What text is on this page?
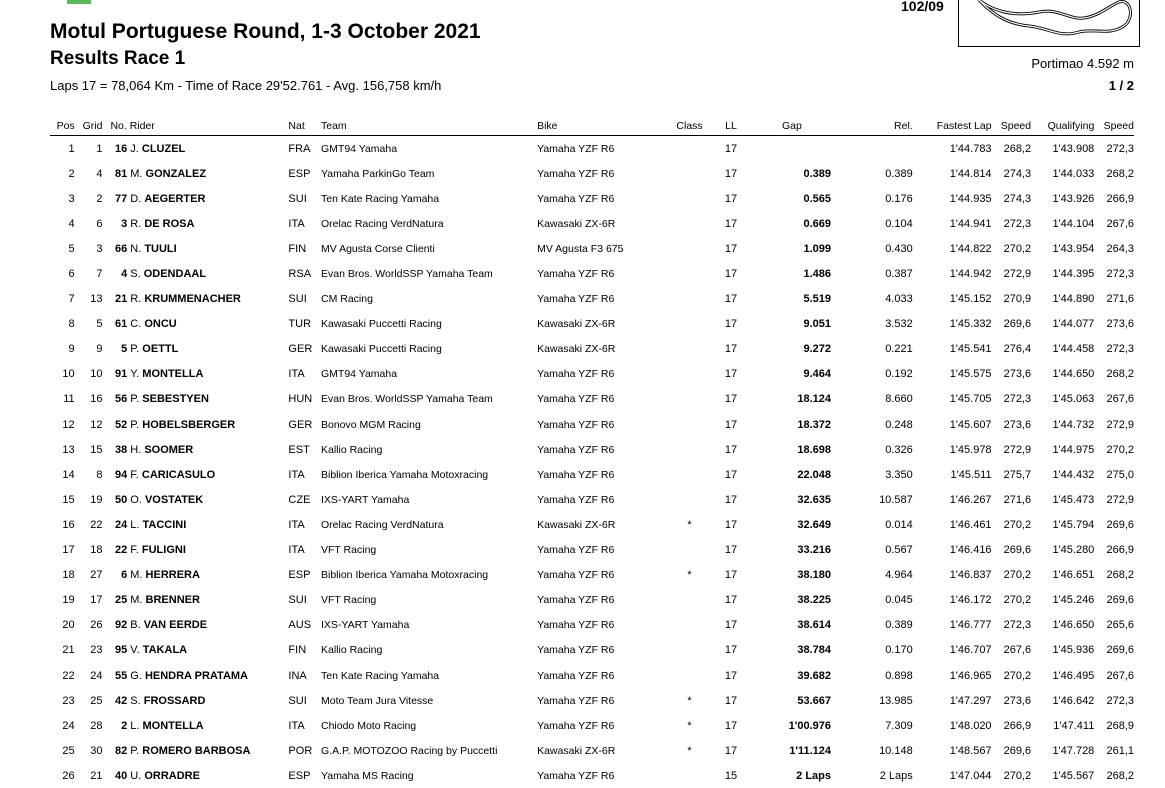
102/09
Motul Portuguese Round, 1-3 October 2021
Results Race 1	Portimao 4.592 m
Laps 17 = 78,064 Km - Time of Race 29'52.761 - Avg. 156,758 km/h	1 / 2
Pos	Grid	No. Rider		Nat	Team	Bike	Class	LL	Gap	Rel.	Fastest Lap	Speed	Qualifying	Speed
1	1	16	J. CLUZEL	FRA	GMT94 Yamaha	Yamaha YZF R6		17			1'44.783	268,2	1'43.908	272,3
2	4	81	M. GONZALEZ	ESP	Yamaha ParkinGo Team	Yamaha YZF R6		17	0.389	0.389	1'44.814	274,3	1'44.033	268,2
3	2	77	D. AEGERTER	SUI	Ten Kate Racing Yamaha	Yamaha YZF R6		17	0.565	0.176	1'44.935	274,3	1'43.926	266,9
4	6	3	R. DE ROSA	ITA	Orelac Racing VerdNatura	Kawasaki ZX-6R		17	0.669	0.104	1'44.941	272,3	1'44.104	267,6
5	3	66	N. TUULI	FIN	MV Agusta Corse Clienti	MV Agusta F3 675		17	1.099	0.430	1'44.822	270,2	1'43.954	264,3
6	7	4	S. ODENDAAL	RSA	Evan Bros. WorldSSP Yamaha Team	Yamaha YZF R6		17	1.486	0.387	1'44.942	272,9	1'44.395	272,3
7	13	21	R. KRUMMENACHER	SUI	CM Racing	Yamaha YZF R6		17	5.519	4.033	1'45.152	270,9	1'44.890	271,6
8	5	61	C. ONCU	TUR	Kawasaki Puccetti Racing	Kawasaki ZX-6R		17	9.051	3.532	1'45.332	269,6	1'44.077	273,6
9	9	5	P. OETTL	GER	Kawasaki Puccetti Racing	Kawasaki ZX-6R		17	9.272	0.221	1'45.541	276,4	1'44.458	272,3
10	10	91	Y. MONTELLA	ITA	GMT94 Yamaha	Yamaha YZF R6		17	9.464	0.192	1'45.575	273,6	1'44.650	268,2
11	16	56	P. SEBESTYEN	HUN	Evan Bros. WorldSSP Yamaha Team	Yamaha YZF R6		17	18.124	8.660	1'45.705	272,3	1'45.063	267,6
12	12	52	P. HOBELSBERGER	GER	Bonovo MGM Racing	Yamaha YZF R6		17	18.372	0.248	1'45.607	273,6	1'44.732	272,9
13	15	38	H. SOOMER	EST	Kallio Racing	Yamaha YZF R6		17	18.698	0.326	1'45.978	272,9	1'44.975	270,2
14	8	94	F. CARICASULO	ITA	Biblion Iberica Yamaha Motoxracing	Yamaha YZF R6		17	22.048	3.350	1'45.511	275,7	1'44.432	275,0
15	19	50	O. VOSTATEK	CZE	IXS-YART Yamaha	Yamaha YZF R6		17	32.635	10.587	1'46.267	271,6	1'45.473	272,9
16	22	24	L. TACCINI	ITA	Orelac Racing VerdNatura	Kawasaki ZX-6R	*	17	32.649	0.014	1'46.461	270,2	1'45.794	269,6
17	18	22	F. FULIGNI	ITA	VFT Racing	Yamaha YZF R6		17	33.216	0.567	1'46.416	269,6	1'45.280	266,9
18	27	6	M. HERRERA	ESP	Biblion Iberica Yamaha Motoxracing	Yamaha YZF R6	*	17	38.180	4.964	1'46.837	270,2	1'46.651	268,2
19	17	25	M. BRENNER	SUI	VFT Racing	Yamaha YZF R6		17	38.225	0.045	1'46.172	270,2	1'45.246	269,6
20	26	92	B. VAN EERDE	AUS	IXS-YART Yamaha	Yamaha YZF R6		17	38.614	0.389	1'46.777	272,3	1'46.650	265,6
21	23	95	V. TAKALA	FIN	Kallio Racing	Yamaha YZF R6		17	38.784	0.170	1'46.707	267,6	1'45.936	269,6
22	24	55	G. HENDRA PRATAMA	INA	Ten Kate Racing Yamaha	Yamaha YZF R6		17	39.682	0.898	1'46.965	270,2	1'46.495	267,6
23	25	42	S. FROSSARD	SUI	Moto Team Jura Vitesse	Yamaha YZF R6	*	17	53.667	13.985	1'47.297	273,6	1'46.642	272,3
24	28	2	L. MONTELLA	ITA	Chiodo Moto Racing	Yamaha YZF R6	*	17	1'00.976	7.309	1'48.020	266,9	1'47.411	268,9
25	30	82	P. ROMERO BARBOSA	POR	G.A.P. MOTOZOO Racing by Puccetti	Kawasaki ZX-6R	*	17	1'11.124	10.148	1'48.567	269,6	1'47.728	261,1
26	21	40	U. ORRADRE	ESP	Yamaha MS Racing	Yamaha YZF R6		15	2 Laps	2 Laps	1'47.044	270,2	1'45.567	268,2
